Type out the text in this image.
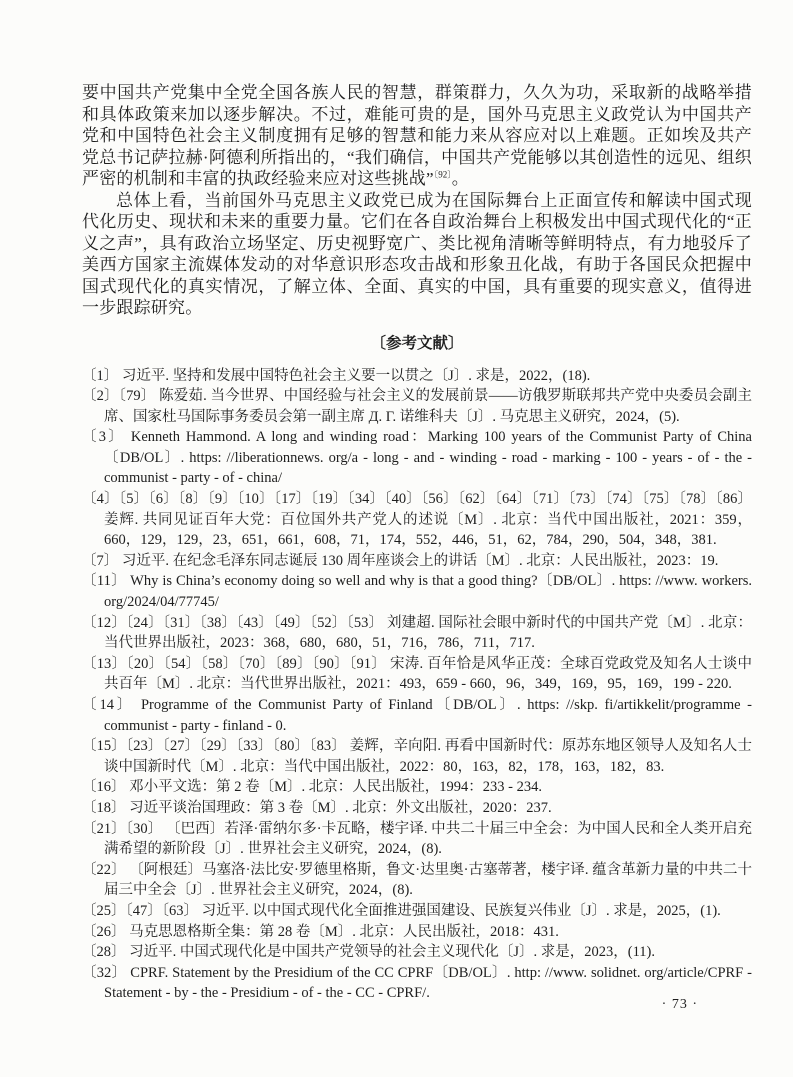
要中国共产党集中全党全国各族人民的智慧，群策群力，久久为功，采取新的战略举措和具体政策来加以逐步解决。不过，难能可贵的是，国外马克思主义政党认为中国共产党和中国特色社会主义制度拥有足够的智慧和能力来从容应对以上难题。正如埃及共产党总书记萨拉赫·阿德利所指出的，“我们确信，中国共产党能够以其创造性的远见、组织严密的机制和丰富的执政经验来应对这些挑战”$^{〔92〕}$。

总体上看，当前国外马克思主义政党已成为在国际舞台上正面宣传和解读中国式现代化历史、现状和未来的重要力量。它们在各自政治舞台上积极发出中国式现代化的“正义之声”，具有政治立场坚定、历史视野宽广、类比视角清晰等鲜明特点，有力地驳斥了美西方国家主流媒体发动的对华意识形态攻击战和形象丑化战，有助于各国民众把握中国式现代化的真实情况，了解立体、全面、真实的中国，具有重要的现实意义，值得进一步跟踪研究。

〔参考文献〕
〔1〕 习近平. 坚持和发展中国特色社会主义要一以贯之〔J〕. 求是，2022，(18).
〔2〕〔79〕 陈爱茹. 当今世界、中国经验与社会主义的发展前景——访俄罗斯联邦共产党中央委员会副主席、国家杜马国际事务委员会第一副主席 Д. Г. 诺维科夫〔J〕. 马克思主义研究，2024，(5).
〔3〕 Kenneth Hammond. A long and winding road：Marking 100 years of the Communist Party of China〔DB/OL〕. https: //liberationnews. org/a - long - and - winding - road - marking - 100 - years - of - the - communist - party - of - china/
〔4〕〔5〕〔6〕〔8〕〔9〕〔10〕〔17〕〔19〕〔34〕〔40〕〔56〕〔62〕〔64〕〔71〕〔73〕〔74〕〔75〕〔78〕〔86〕 姜辉. 共同见证百年大党：百位国外共产党人的述说〔M〕. 北京：当代中国出版社，2021：359，660，129，129，23，651，661，608，71，174，552，446，51，62，784，290，504，348，381.
〔7〕 习近平. 在纪念毛泽东同志诞辰 130 周年座谈会上的讲话〔M〕. 北京：人民出版社，2023：19.
〔11〕 Why is China’s economy doing so well and why is that a good thing?〔DB/OL〕. https: //www. workers. org/2024/04/77745/
〔12〕〔24〕〔31〕〔38〕〔43〕〔49〕〔52〕〔53〕 刘建超. 国际社会眼中新时代的中国共产党〔M〕. 北京：当代世界出版社，2023：368，680，680，51，716，786，711，717.
〔13〕〔20〕〔54〕〔58〕〔70〕〔89〕〔90〕〔91〕 宋涛. 百年恰是风华正茂：全球百党政党及知名人士谈中共百年〔M〕. 北京：当代世界出版社，2021：493，659 - 660，96，349，169，95，169，199 - 220.
〔14〕 Programme of the Communist Party of Finland〔DB/OL〕. https: //skp. fi/artikkelit/programme - communist - party - finland - 0.
〔15〕〔23〕〔27〕〔29〕〔33〕〔80〕〔83〕 姜辉，辛向阳. 再看中国新时代：原苏东地区领导人及知名人士谈中国新时代〔M〕. 北京：当代中国出版社，2022：80，163，82，178，163，182，83.
〔16〕 邓小平文选：第 2 卷〔M〕. 北京：人民出版社，1994：233 - 234.
〔18〕 习近平谈治国理政：第 3 卷〔M〕. 北京：外文出版社，2020：237.
〔21〕〔30〕 〔巴西〕若泽·雷纳尔多·卡瓦略，楼宇译. 中共二十届三中全会：为中国人民和全人类开启充满希望的新阶段〔J〕. 世界社会主义研究，2024，(8).
〔22〕 〔阿根廷〕马塞洛·法比安·罗德里格斯，鲁文·达里奥·古塞蒂著，楼宇译. 蕴含革新力量的中共二十届三中全会〔J〕. 世界社会主义研究，2024，(8).
〔25〕〔47〕〔63〕 习近平. 以中国式现代化全面推进强国建设、民族复兴伟业〔J〕. 求是，2025，(1).
〔26〕 马克思恩格斯全集：第 28 卷〔M〕. 北京：人民出版社，2018：431.
〔28〕 习近平. 中国式现代化是中国共产党领导的社会主义现代化〔J〕. 求是，2023，(11).
〔32〕 CPRF. Statement by the Presidium of the CC CPRF〔DB/OL〕. http: //www. solidnet. org/article/CPRF - Statement - by - the - Presidium - of - the - CC - CPRF/.
· 73 ·
